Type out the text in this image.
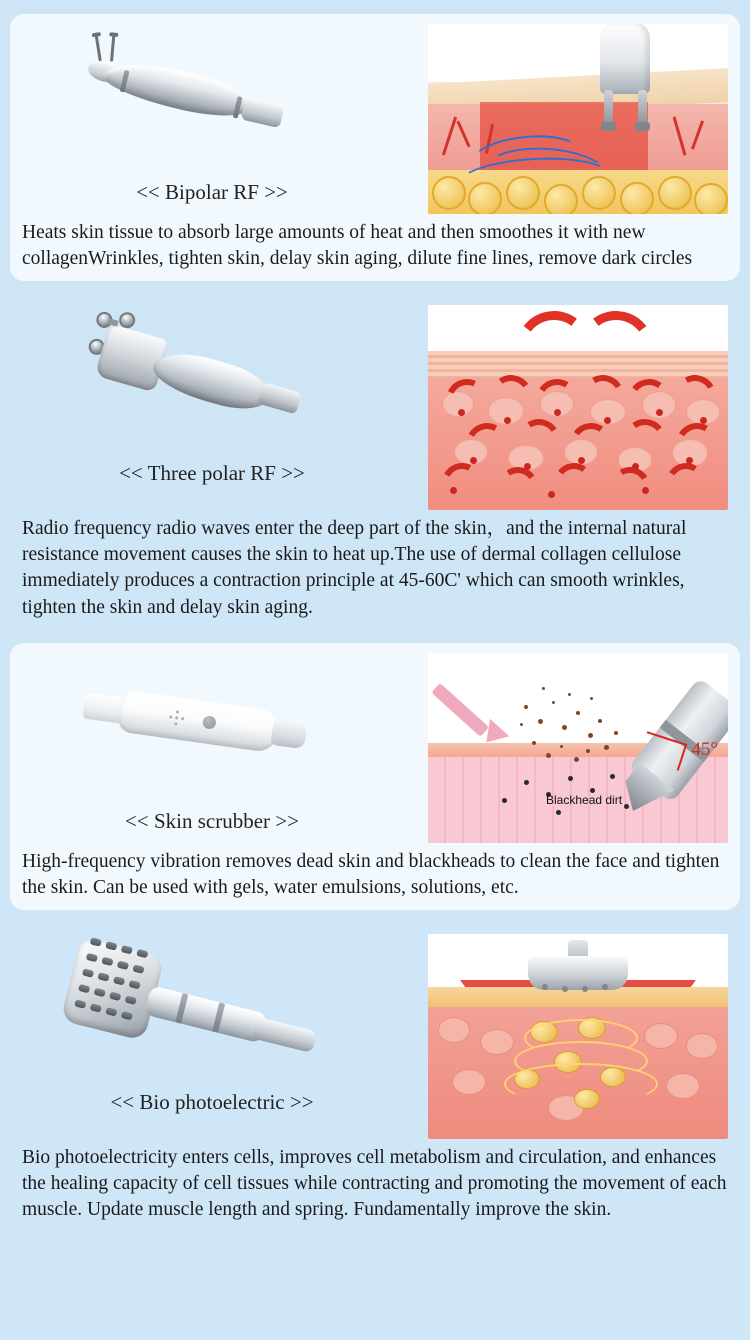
<< Bipolar RF >>
Heats skin tissue to absorb large amounts of heat and then smoothes it with new collagenWrinkles, tighten skin, delay skin aging, dilute fine lines, remove dark circles
<< Three polar RF >>
Radio frequency radio waves enter the deep part of the skin，and the internal natural resistance movement causes the skin to heat up.The use of dermal collagen cellulose immediately produces a contraction principle at 45-60C' which can smooth wrinkles, tighten the skin and delay skin aging.
<< Skin scrubber >>
45°
Blackhead dirt
High-frequency vibration removes dead skin and blackheads to clean the face and tighten the skin. Can be used with gels, water emulsions, solutions, etc.
<< Bio photoelectric >>
Bio photoelectricity enters cells, improves cell metabolism and circulation, and enhances the healing capacity of cell tissues while contracting and promoting the movement of each muscle. Update muscle length and spring. Fundamentally improve the skin.
